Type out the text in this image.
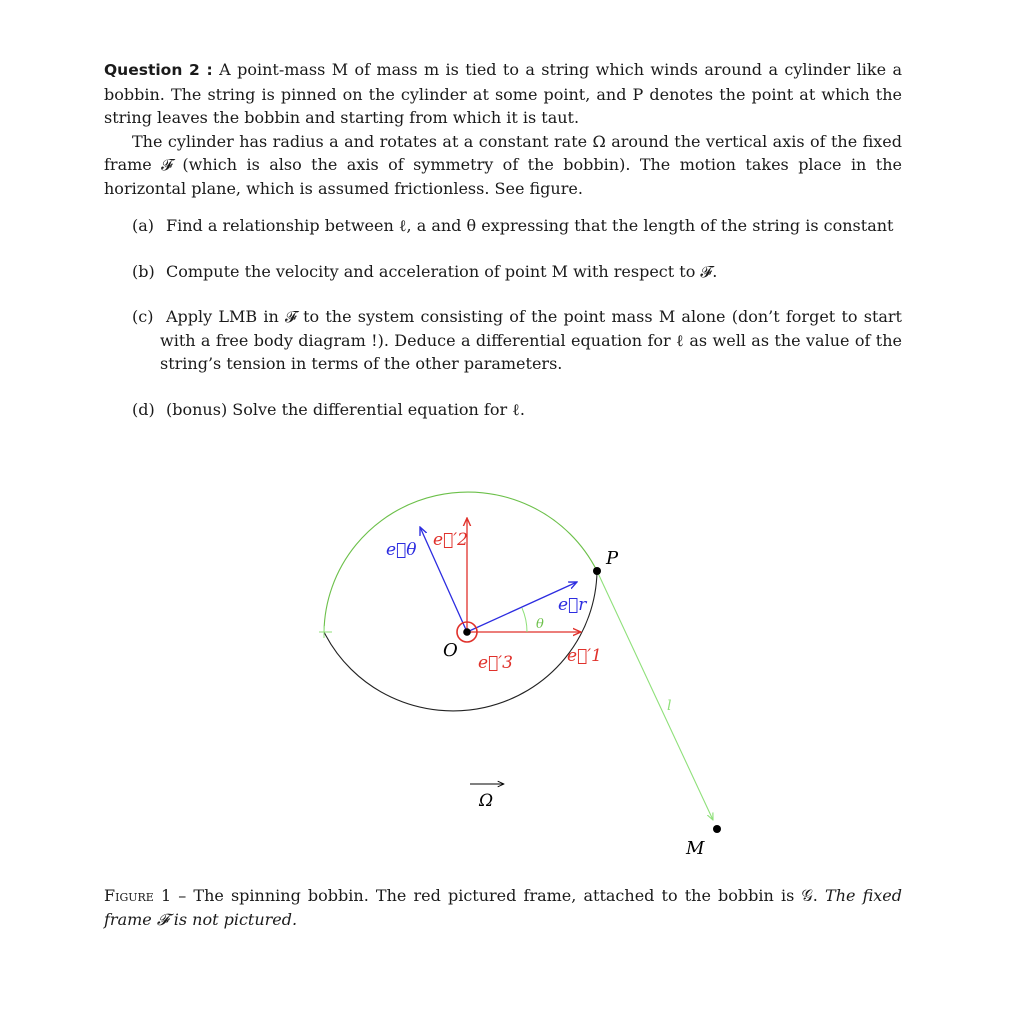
Question 2 : A point-mass M of mass m is tied to a string which winds around a cylinder like a bobbin. The string is pinned on the cylinder at some point, and P denotes the point at which the string leaves the bobbin and starting from which it is taut.

The cylinder has radius a and rotates at a constant rate Ω around the vertical axis of the fixed frame 𝓕 (which is also the axis of symmetry of the bobbin). The motion takes place in the horizontal plane, which is assumed frictionless. See figure.

(a) Find a relationship between ℓ, a and θ expressing that the length of the string is constant
(b) Compute the velocity and acceleration of point M with respect to 𝓕.
(c) Apply LMB in 𝓕 to the system consisting of the point mass M alone (don’t forget to start with a free body diagram !). Deduce a differential equation for ℓ as well as the value of the string’s tension in terms of the other parameters.
(d) (bonus) Solve the differential equation for ℓ.
e⃗θ e⃗′2
e⃗r
θ
e⃗′1
e⃗′3
O
P
l
Ω
M
Figure 1 – The spinning bobbin. The red pictured frame, attached to the bobbin is 𝒢. The fixed frame 𝓕 is not pictured.
